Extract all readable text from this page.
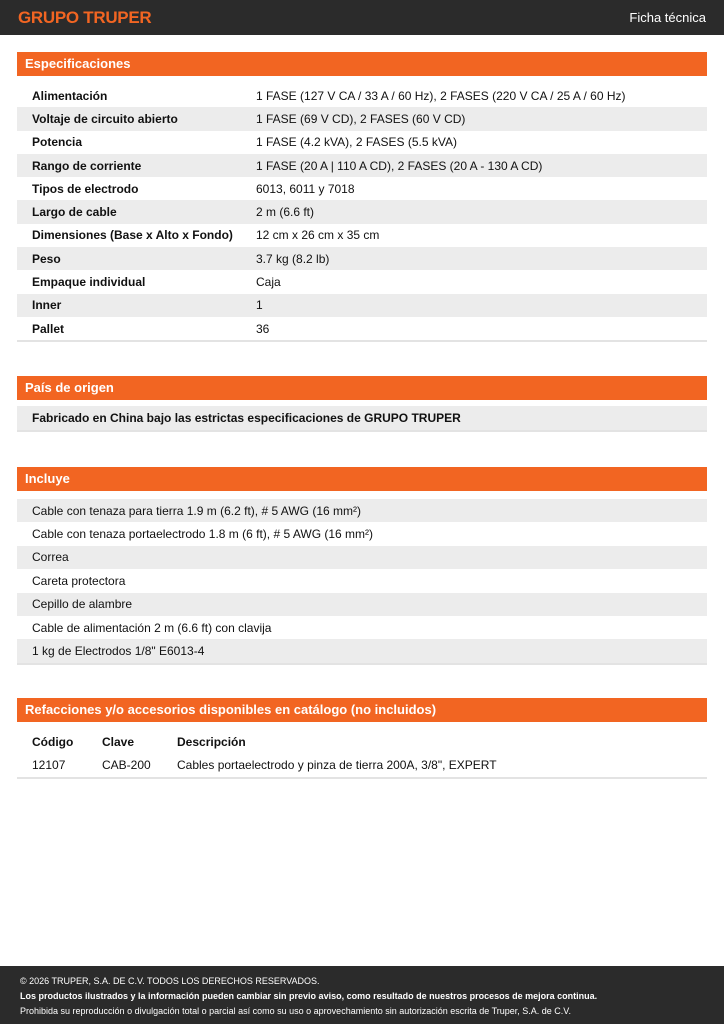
GRUPO TRUPER	Ficha técnica
Especificaciones
Alimentación	1 FASE (127 V CA / 33 A / 60 Hz), 2 FASES (220 V CA / 25 A / 60 Hz)
Voltaje de circuito abierto	1 FASE (69 V CD), 2 FASES (60 V CD)
Potencia	1 FASE (4.2 kVA), 2 FASES (5.5 kVA)
Rango de corriente	1 FASE (20 A | 110 A CD), 2 FASES (20 A - 130 A CD)
Tipos de electrodo	6013, 6011 y 7018
Largo de cable	2 m (6.6 ft)
Dimensiones (Base x Alto x Fondo)	12 cm x 26 cm x 35 cm
Peso	3.7 kg (8.2 lb)
Empaque individual	Caja
Inner	1
Pallet	36
País de origen
Fabricado en China bajo las estrictas especificaciones de GRUPO TRUPER
Incluye
Cable con tenaza para tierra 1.9 m (6.2 ft), # 5 AWG (16 mm²)
Cable con tenaza portaelectrodo 1.8 m (6 ft), # 5 AWG (16 mm²)
Correa
Careta protectora
Cepillo de alambre
Cable de alimentación 2 m (6.6 ft) con clavija
1 kg de Electrodos 1/8" E6013-4
Refacciones y/o accesorios disponibles en catálogo (no incluidos)
Código	Clave	Descripción
12107	CAB-200	Cables portaelectrodo y pinza de tierra 200A, 3/8", EXPERT
© 2026 TRUPER, S.A. DE C.V. TODOS LOS DERECHOS RESERVADOS.
Los productos ilustrados y la información pueden cambiar sin previo aviso, como resultado de nuestros procesos de mejora continua.
Prohibida su reproducción o divulgación total o parcial así como su uso o aprovechamiento sin autorización escrita de Truper, S.A. de C.V.
